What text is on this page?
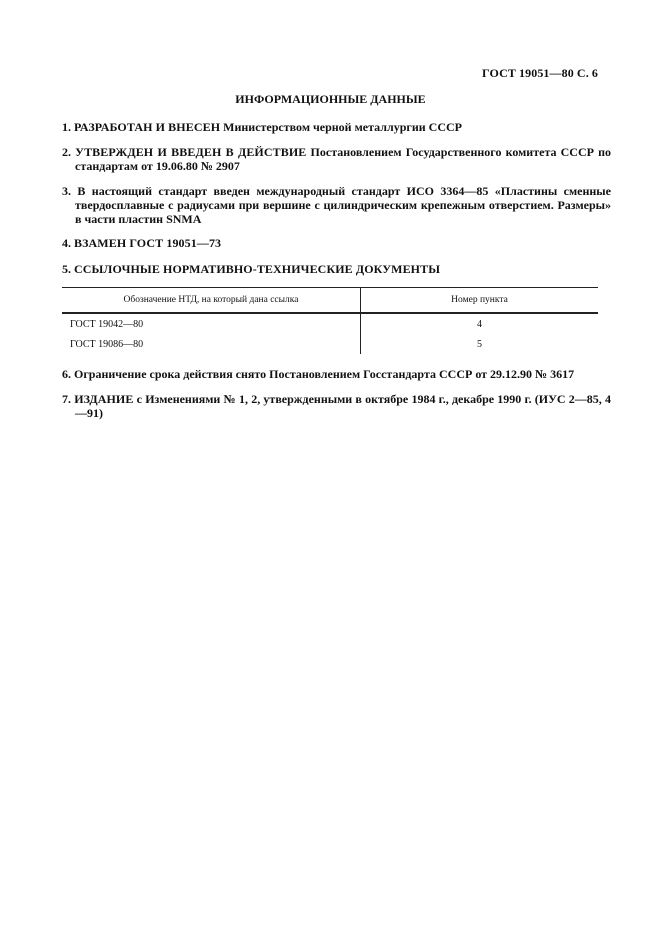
ГОСТ 19051—80 С. 6
ИНФОРМАЦИОННЫЕ ДАННЫЕ

1. РАЗРАБОТАН И ВНЕСЕН Министерством черной металлургии СССР

2. УТВЕРЖДЕН И ВВЕДЕН В ДЕЙСТВИЕ Постановлением Государственного комитета СССР по стандартам от 19.06.80 № 2907

3. В настоящий стандарт введен международный стандарт ИСО 3364—85 «Пластины сменные твердосплавные с радиусами при вершине с цилиндрическим крепежным отверстием. Размеры» в части пластин SNMA

4. ВЗАМЕН ГОСТ 19051—73

5. ССЫЛОЧНЫЕ НОРМАТИВНО-ТЕХНИЧЕСКИЕ ДОКУМЕНТЫ

6. Ограничение срока действия снято Постановлением Госстандарта СССР от 29.12.90 № 3617

7. ИЗДАНИЕ с Изменениями № 1, 2, утвержденными в октябре 1984 г., декабре 1990 г. (ИУС 2—85, 4—91)

Обозначение НТД, на который дана ссылка	Номер пункта
ГОСТ 19042—80	4
ГОСТ 19086—80	5
